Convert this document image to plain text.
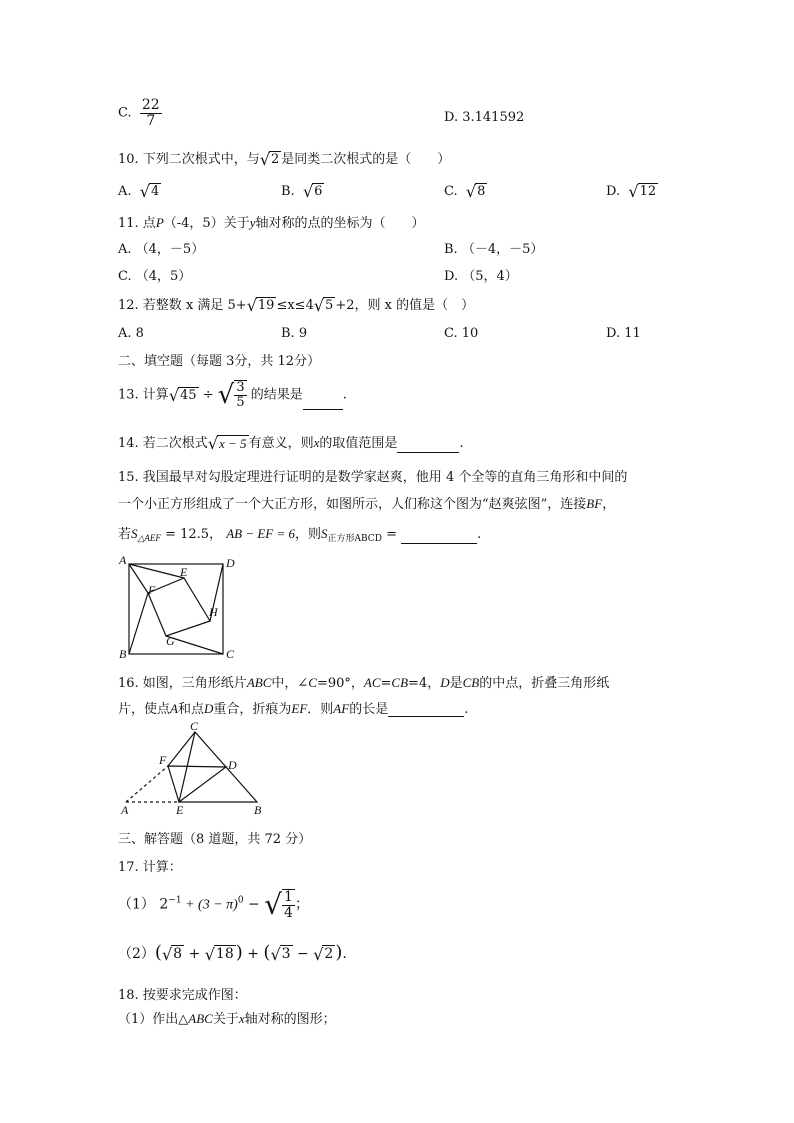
C. $\frac{22}{7}$	D. 3.141592
10. 下列二次根式中，与√2 是同类二次根式的是（　　）
A. √4	B. √6	C. √8	D. √12
11. 点P（-4，5）关于y轴对称的点的坐标为（　　）
A. （4，－5）	B. （－4，－5）
C. （4，5）	D. （5，4）
12. 若整数 x 满足 5+√19 ≤x≤4√5 +2，则 x 的值是（　）
A. 8	B. 9	C. 10	D. 11
二、填空题（每题 3分，共 12分）
13. 计算√45 ÷ √ $\frac{3}{5}$ 的结果是	.
14. 若二次根式√x − 5 有意义，则x的取值范围是	.
15. 我国最早对勾股定理进行证明的是数学家赵爽，他用 4 个全等的直角三角形和中间的
一个小正方形组成了一个大正方形，如图所示，人们称这个图为“赵爽弦图”，连接BF，
若$S_{\triangle AEF} = 12.5$， AB − EF = 6，则$S_{正方形ABCD}$ =	.
A	D
E
F
H
G
B	C
16. 如图，三角形纸片ABC中，∠C=90°，AC=CB=4，D是CB的中点，折叠三角形纸
片，使点A和点D重合，折痕为EF．则AF的长是	.
C
F	D
A	E	B
三、解答题（8 道题，共 72 分）
17. 计算：
（1） $2^{-1} + (3 - \pi)^0$ − √ $\frac{1}{4}$ ；
（2）(√8 + √18 ) + (√3 − √2 ).
18. 按要求完成作图：
（1）作出△ABC关于x轴对称的图形；
